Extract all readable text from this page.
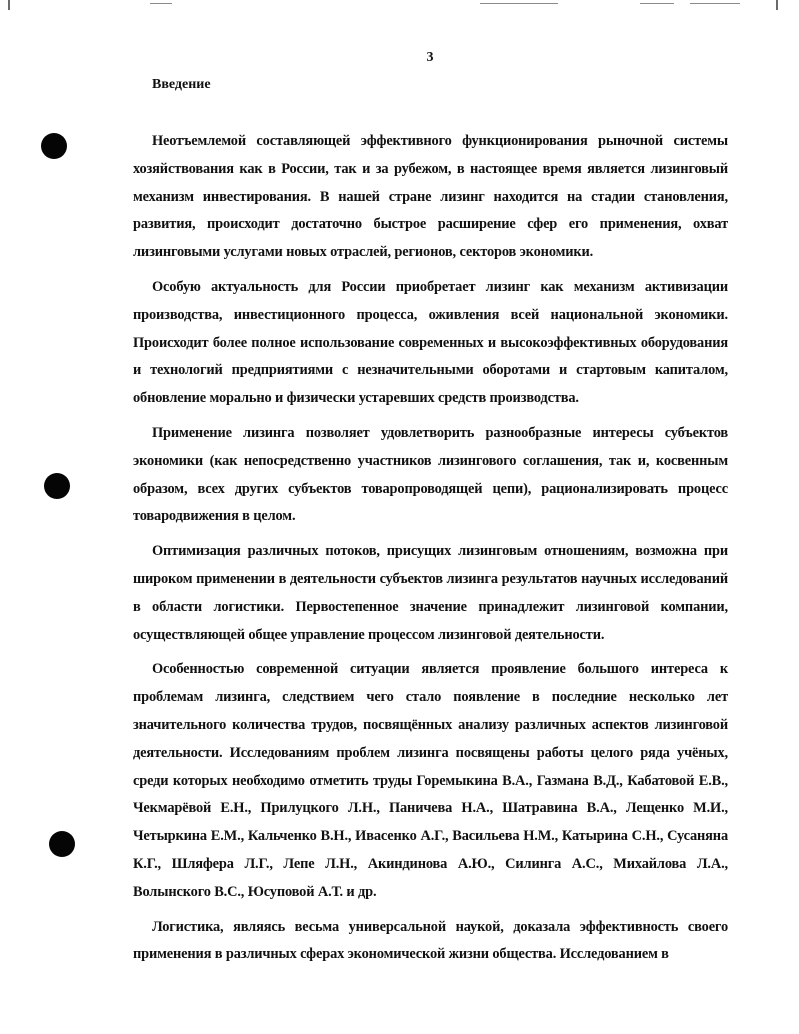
3
Введение

Неотъемлемой составляющей эффективного функционирования рыночной системы хозяйствования как в России, так и за рубежом, в настоящее время является лизинговый механизм инвестирования. В нашей стране лизинг находится на стадии становления, развития, происходит достаточно быстрое расширение сфер его применения, охват лизинговыми услугами новых отраслей, регионов, секторов экономики.

Особую актуальность для России приобретает лизинг как механизм активизации производства, инвестиционного процесса, оживления всей национальной экономики. Происходит более полное использование современных и высокоэффективных оборудования и технологий предприятиями с незначительными оборотами и стартовым капиталом, обновление морально и физически устаревших средств производства.

Применение лизинга позволяет удовлетворить разнообразные интересы субъектов экономики (как непосредственно участников лизингового соглашения, так и, косвенным образом, всех других субъектов товаропроводящей цепи), рационализировать процесс товародвижения в целом.

Оптимизация различных потоков, присущих лизинговым отношениям, возможна при широком применении в деятельности субъектов лизинга результатов научных исследований в области логистики. Первостепенное значение принадлежит лизинговой компании, осуществляющей общее управление процессом лизинговой деятельности.

Особенностью современной ситуации является проявление большого интереса к проблемам лизинга, следствием чего стало появление в последние несколько лет значительного количества трудов, посвящённых анализу различных аспектов лизинговой деятельности. Исследованиям проблем лизинга посвящены работы целого ряда учёных, среди которых необходимо отметить труды Горемыкина В.А., Газмана В.Д., Кабатовой Е.В., Чекмарёвой Е.Н., Прилуцкого Л.Н., Паничева Н.А., Шатравина В.А., Лещенко М.И., Четыркина Е.М., Кальченко В.Н., Ивасенко А.Г., Васильева Н.М., Катырина С.Н., Сусаняна К.Г., Шляфера Л.Г., Лепе Л.Н., Акиндинова А.Ю., Силинга А.С., Михайлова Л.А., Волынского В.С., Юсуповой А.Т. и др.

Логистика, являясь весьма универсальной наукой, доказала эффективность своего применения в различных сферах экономической жизни общества. Исследованием в
